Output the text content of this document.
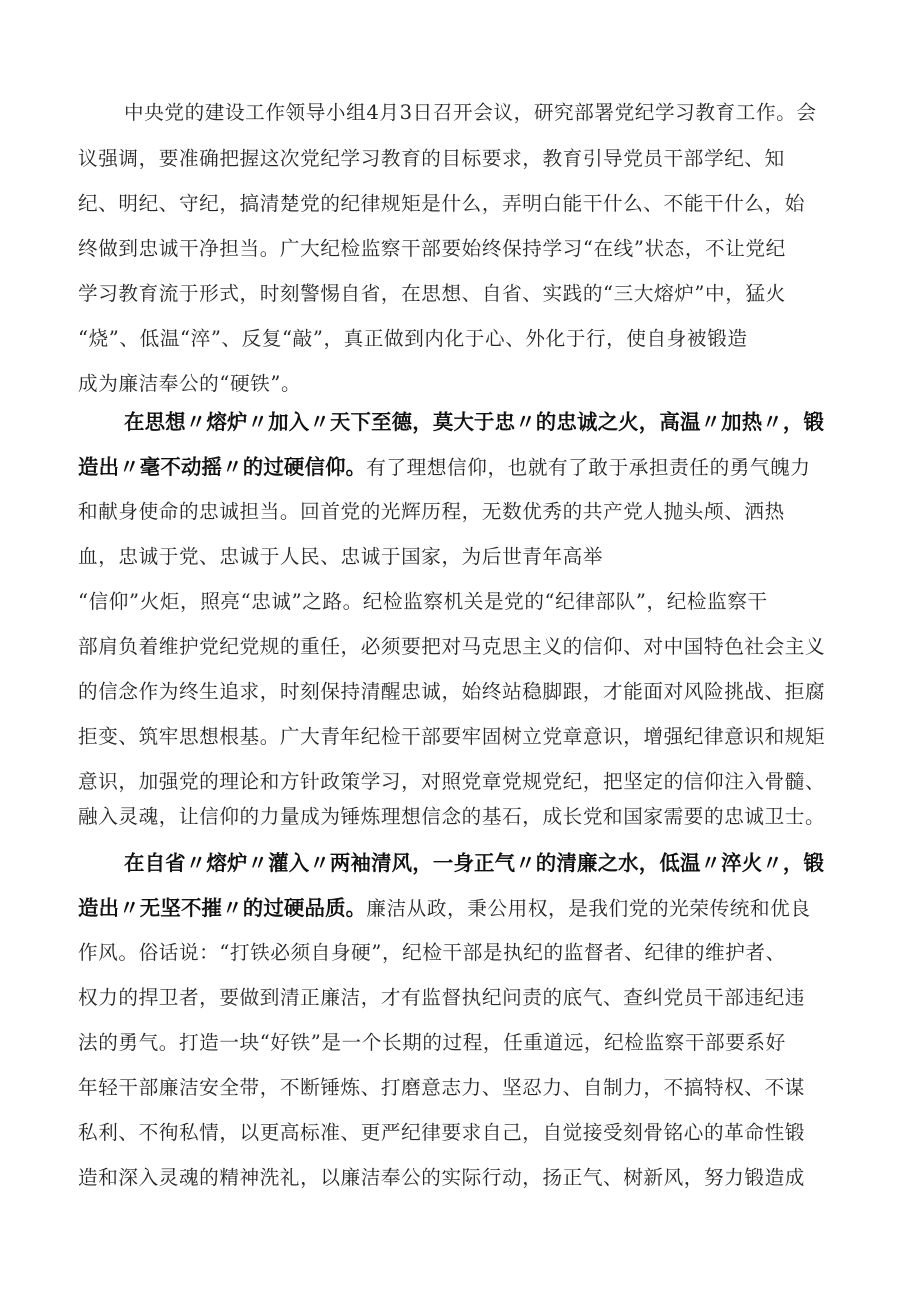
中央党的建设工作领导小组4月3日召开会议，研究部署党纪学习教育工作。会
议强调，要准确把握这次党纪学习教育的目标要求，教育引导党员干部学纪、知
纪、明纪、守纪，搞清楚党的纪律规矩是什么，弄明白能干什么、不能干什么，始
终做到忠诚干净担当。广大纪检监察干部要始终保持学习“在线”状态，不让党纪
学习教育流于形式，时刻警惕自省，在思想、自省、实践的“三大熔炉”中，猛火
“烧”、低温“淬”、反复“敲”，真正做到内化于心、外化于行，使自身被锻造
成为廉洁奉公的“硬铁”。
在思想〃熔炉〃加入〃天下至德，莫大于忠〃的忠诚之火，高温〃加热〃，锻
造出〃毫不动摇〃的过硬信仰。有了理想信仰，也就有了敢于承担责任的勇气魄力
和献身使命的忠诚担当。回首党的光辉历程，无数优秀的共产党人抛头颅、洒热
血，忠诚于党、忠诚于人民、忠诚于国家，为后世青年高举
“信仰”火炬，照亮“忠诚”之路。纪检监察机关是党的“纪律部队”，纪检监察干
部肩负着维护党纪党规的重任，必须要把对马克思主义的信仰、对中国特色社会主义
的信念作为终生追求，时刻保持清醒忠诚，始终站稳脚跟，才能面对风险挑战、拒腐
拒变、筑牢思想根基。广大青年纪检干部要牢固树立党章意识，增强纪律意识和规矩
意识，加强党的理论和方针政策学习，对照党章党规党纪，把坚定的信仰注入骨髓、
融入灵魂，让信仰的力量成为锤炼理想信念的基石，成长党和国家需要的忠诚卫士。
在自省〃熔炉〃灌入〃两袖清风，一身正气〃的清廉之水，低温〃淬火〃，锻
造出〃无坚不摧〃的过硬品质。廉洁从政，秉公用权，是我们党的光荣传统和优良
作风。俗话说：“打铁必须自身硬”，纪检干部是执纪的监督者、纪律的维护者、
权力的捍卫者，要做到清正廉洁，才有监督执纪问责的底气、查纠党员干部违纪违
法的勇气。打造一块“好铁”是一个长期的过程，任重道远，纪检监察干部要系好
年轻干部廉洁安全带，不断锤炼、打磨意志力、坚忍力、自制力，不搞特权、不谋
私利、不徇私情，以更高标准、更严纪律要求自己，自觉接受刻骨铭心的革命性锻
造和深入灵魂的精神洗礼，以廉洁奉公的实际行动，扬正气、树新风，努力锻造成
